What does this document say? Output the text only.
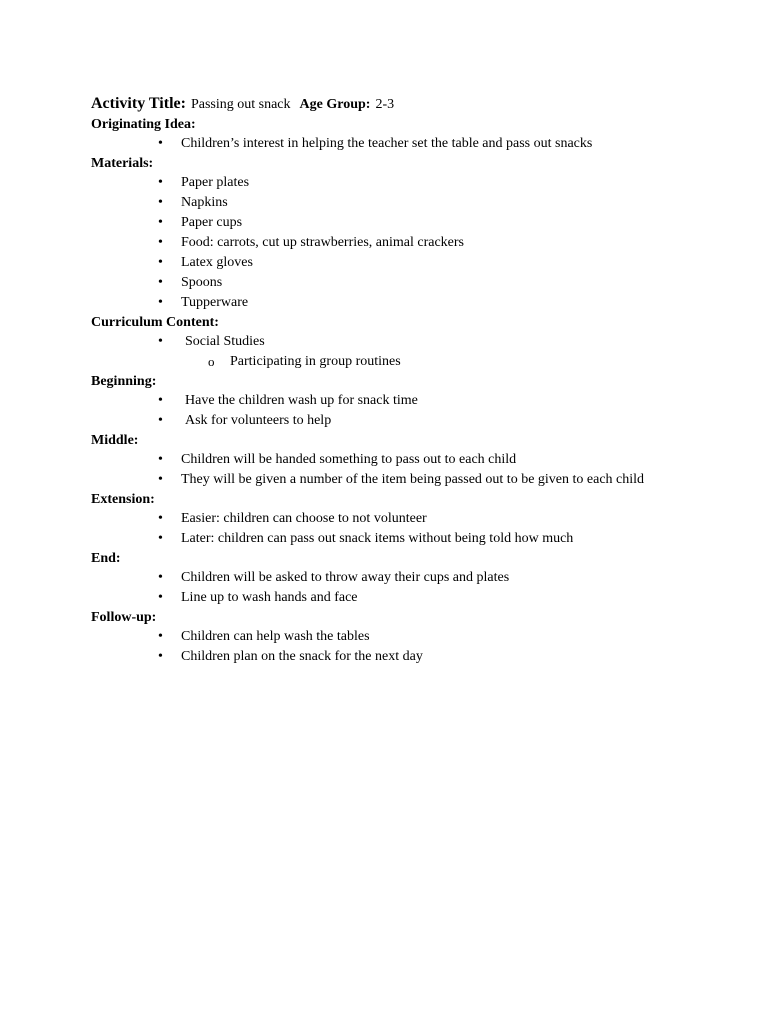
Activity Title: Passing out snack Age Group: 2-3
Originating Idea:
• Children’s interest in helping the teacher set the table and pass out snacks
Materials:
• Paper plates
• Napkins
• Paper cups
• Food: carrots, cut up strawberries, animal crackers
• Latex gloves
• Spoons
• Tupperware
Curriculum Content:
• Social Studies
o Participating in group routines
Beginning:
• Have the children wash up for snack time
• Ask for volunteers to help
Middle:
• Children will be handed something to pass out to each child
• They will be given a number of the item being passed out to be given to each child
Extension:
• Easier: children can choose to not volunteer
• Later: children can pass out snack items without being told how much
End:
• Children will be asked to throw away their cups and plates
• Line up to wash hands and face
Follow-up:
• Children can help wash the tables
• Children plan on the snack for the next day
